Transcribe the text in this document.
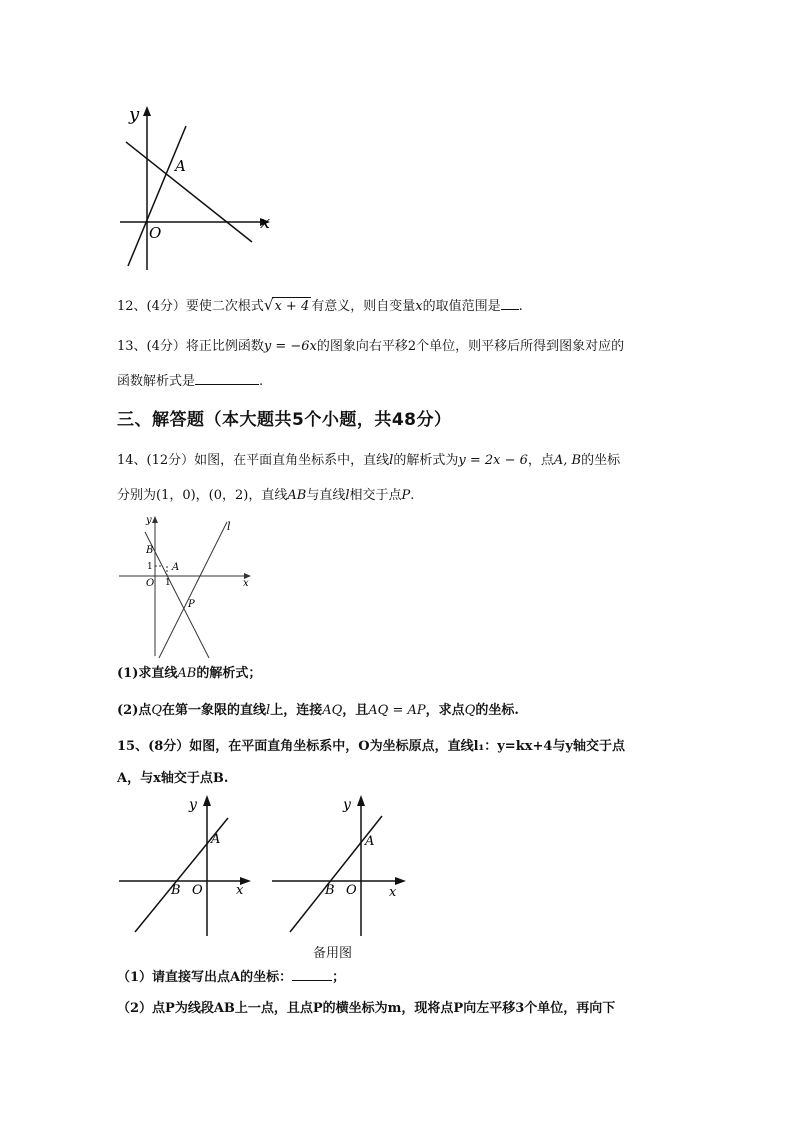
y
x
O
A
12、(4分）要使二次根式√x + 4 有意义，则自变量x的取值范围是 .
13、(4分）将正比例函数y = −6x的图象向右平移2个单位，则平移后所得到图象对应的
函数解析式是	.
三、解答题（本大题共5个小题，共48分）
14、(12分）如图，在平面直角坐标系中，直线l的解析式为y = 2x − 6，点A, B的坐标
分别为(1，0)，(0，2)，直线AB与直线l相交于点P.
y
x
l
B
1 A
O 1
P
(1)求直线AB的解析式；
(2)点Q在第一象限的直线l上，连接AQ，且AQ = AP，求点Q的坐标.
15、(8分）如图，在平面直角坐标系中，O为坐标原点，直线l₁：y=kx+4与y轴交于点
A，与x轴交于点B.
y
x
A
B O
y
x
A
B O
备用图
（1）请直接写出点A的坐标：	；
（2）点P为线段AB上一点，且点P的横坐标为m，现将点P向左平移3个单位，再向下
